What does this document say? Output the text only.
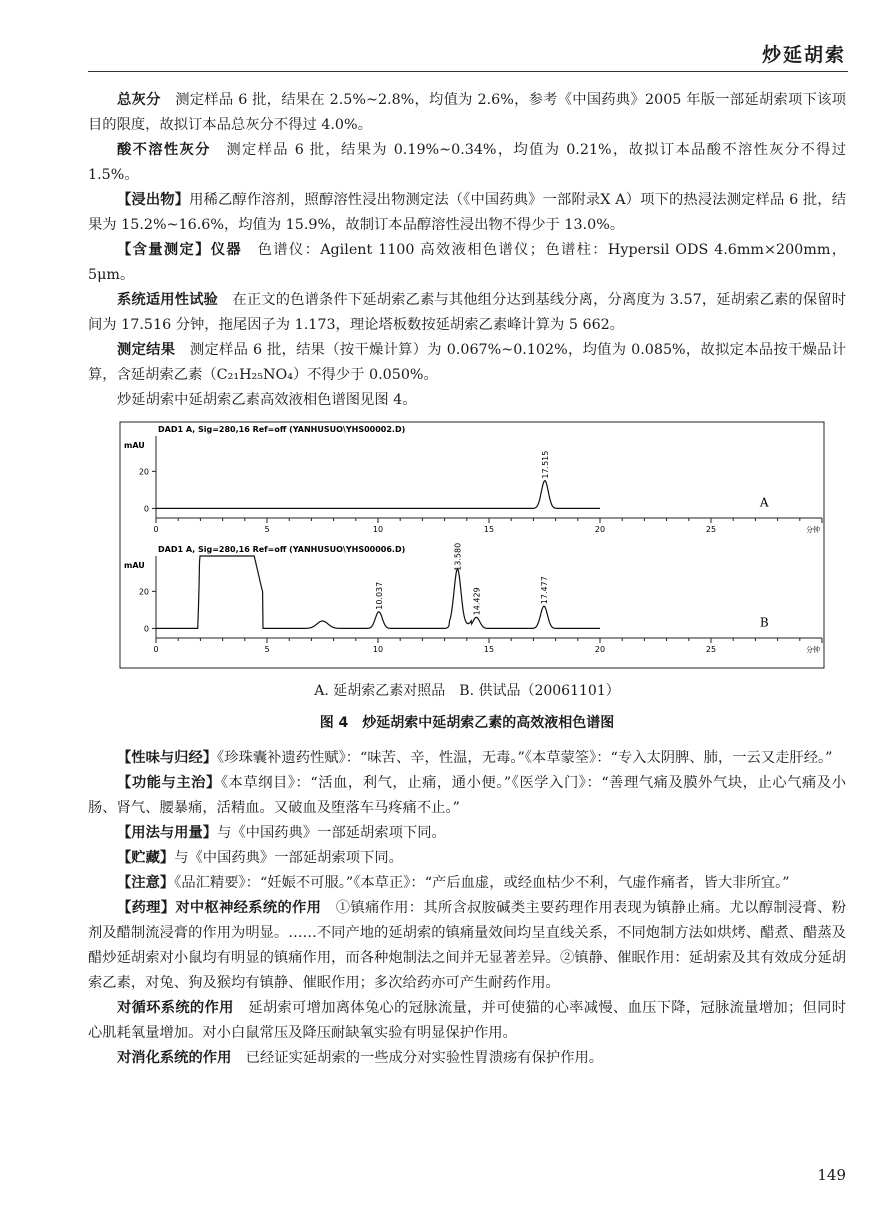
炒延胡索

总灰分　测定样品 6 批，结果在 2.5%~2.8%，均值为 2.6%，参考《中国药典》2005 年版一部延胡索项下该项目的限度，故拟订本品总灰分不得过 4.0%。

酸不溶性灰分　测定样品 6 批，结果为 0.19%~0.34%，均值为 0.21%，故拟订本品酸不溶性灰分不得过 1.5%。

【浸出物】用稀乙醇作溶剂，照醇溶性浸出物测定法（《中国药典》一部附录Ⅹ A）项下的热浸法测定样品 6 批，结果为 15.2%~16.6%，均值为 15.9%，故制订本品醇溶性浸出物不得少于 13.0%。

【含量测定】仪器　色谱仪：Agilent 1100 高效液相色谱仪；色谱柱：Hypersil ODS 4.6mm×200mm，5μm。

系统适用性试验　在正文的色谱条件下延胡索乙素与其他组分达到基线分离，分离度为 3.57，延胡索乙素的保留时间为 17.516 分钟，拖尾因子为 1.173，理论塔板数按延胡索乙素峰计算为 5 662。

测定结果　测定样品 6 批，结果（按干燥计算）为 0.067%~0.102%，均值为 0.085%，故拟定本品按干燥品计算，含延胡索乙素（C₂₁H₂₅NO₄）不得少于 0.050%。

炒延胡索中延胡索乙素高效液相色谱图见图 4。

DAD1 A, Sig=280,16 Ref=off (YANHUSUO\YHS00002.D)
mAU
0
20
0	5	10	15	20	25	分钟
17.515
A
DAD1 A, Sig=280,16 Ref=off (YANHUSUO\YHS00006.D)
mAU
0
20
0	5	10	15	20	25	分钟
10.037
13.580
14.429	17.477
B
A. 延胡索乙素对照品　B. 供试品（20061101）
图 4　炒延胡索中延胡索乙素的高效液相色谱图

【性味与归经】《珍珠囊补遗药性赋》：“味苦、辛，性温，无毒。”《本草蒙筌》：“专入太阴脾、肺，一云又走肝经。”

【功能与主治】《本草纲目》：“活血，利气，止痛，通小便。”《医学入门》：“善理气痛及膜外气块，止心气痛及小肠、肾气、腰暴痛，活精血。又破血及堕落车马疼痛不止。”

【用法与用量】与《中国药典》一部延胡索项下同。

【贮藏】与《中国药典》一部延胡索项下同。

【注意】《品汇精要》：“妊娠不可服。”《本草正》：“产后血虚，或经血枯少不利，气虚作痛者，皆大非所宜。”

【药理】对中枢神经系统的作用　①镇痛作用：其所含叔胺碱类主要药理作用表现为镇静止痛。尤以醇制浸膏、粉剂及醋制流浸膏的作用为明显。……不同产地的延胡索的镇痛量效间均呈直线关系，不同炮制方法如烘烤、醋煮、醋蒸及醋炒延胡索对小鼠均有明显的镇痛作用，而各种炮制法之间并无显著差异。②镇静、催眠作用：延胡索及其有效成分延胡索乙素，对兔、狗及猴均有镇静、催眠作用；多次给药亦可产生耐药作用。

对循环系统的作用　延胡索可增加离体兔心的冠脉流量，并可使猫的心率减慢、血压下降，冠脉流量增加；但同时心肌耗氧量增加。对小白鼠常压及降压耐缺氧实验有明显保护作用。

对消化系统的作用　已经证实延胡索的一些成分对实验性胃溃疡有保护作用。

149
